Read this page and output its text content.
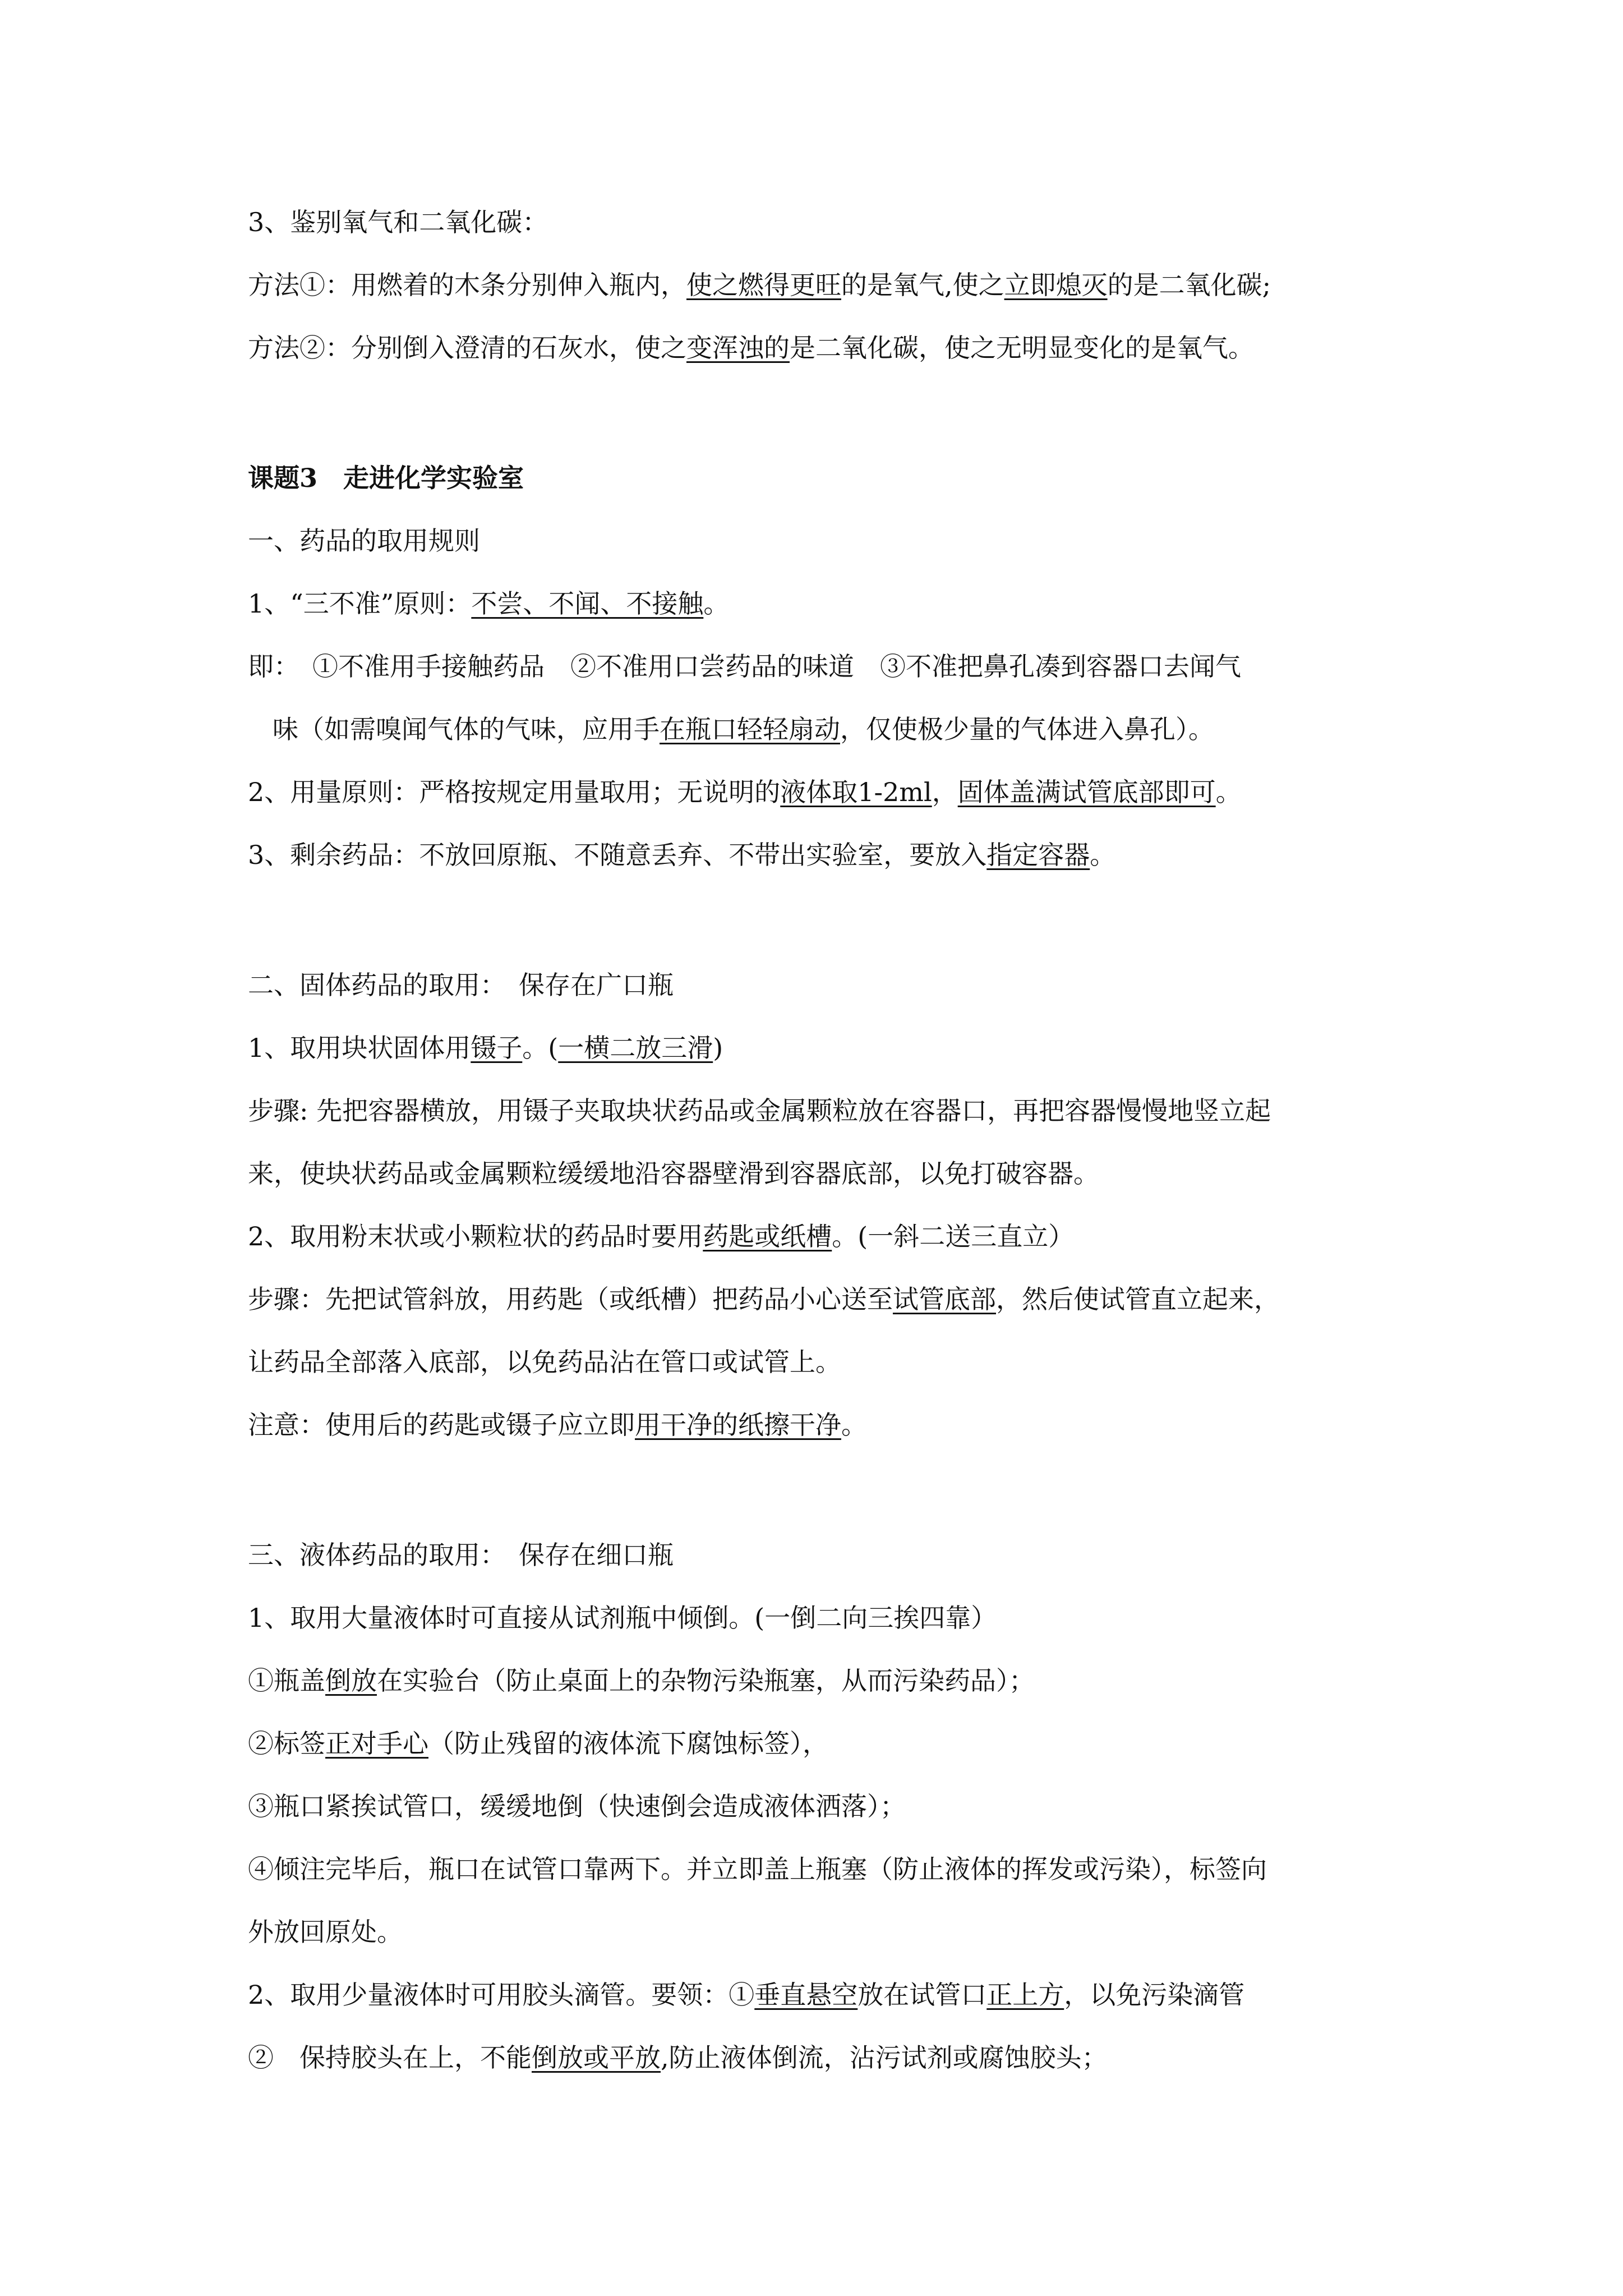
3、鉴别氧气和二氧化碳：

方法①：用燃着的木条分别伸入瓶内，使之燃得更旺的是氧气,使之立即熄灭的是二氧化碳;

方法②：分别倒入澄清的石灰水，使之变浑浊的是二氧化碳，使之无明显变化的是氧气。

课题3　走进化学实验室

一、药品的取用规则

1、“三不准”原则：不尝、不闻、不接触。

即：　①不准用手接触药品　②不准用口尝药品的味道　③不准把鼻孔凑到容器口去闻气

味（如需嗅闻气体的气味，应用手在瓶口轻轻扇动，仅使极少量的气体进入鼻孔）。

2、用量原则：严格按规定用量取用；无说明的液体取1-2ml，固体盖满试管底部即可。

3、剩余药品：不放回原瓶、不随意丢弃、不带出实验室，要放入指定容器。

二、固体药品的取用：　保存在广口瓶

1、取用块状固体用镊子。(一横二放三滑)

步骤: 先把容器横放，用镊子夹取块状药品或金属颗粒放在容器口，再把容器慢慢地竖立起

来，使块状药品或金属颗粒缓缓地沿容器壁滑到容器底部，以免打破容器。

2、取用粉末状或小颗粒状的药品时要用药匙或纸槽。(一斜二送三直立）

步骤：先把试管斜放，用药匙（或纸槽）把药品小心送至试管底部，然后使试管直立起来，

让药品全部落入底部，以免药品沾在管口或试管上。

注意：使用后的药匙或镊子应立即用干净的纸擦干净。

三、液体药品的取用：　保存在细口瓶

1、取用大量液体时可直接从试剂瓶中倾倒。(一倒二向三挨四靠）

①瓶盖倒放在实验台（防止桌面上的杂物污染瓶塞，从而污染药品）；

②标签正对手心（防止残留的液体流下腐蚀标签），

③瓶口紧挨试管口，缓缓地倒（快速倒会造成液体洒落）；

④倾注完毕后，瓶口在试管口靠两下。并立即盖上瓶塞（防止液体的挥发或污染），标签向

外放回原处。

2、取用少量液体时可用胶头滴管。要领：①垂直悬空放在试管口正上方，以免污染滴管

②　保持胶头在上，不能倒放或平放,防止液体倒流，沾污试剂或腐蚀胶头；
